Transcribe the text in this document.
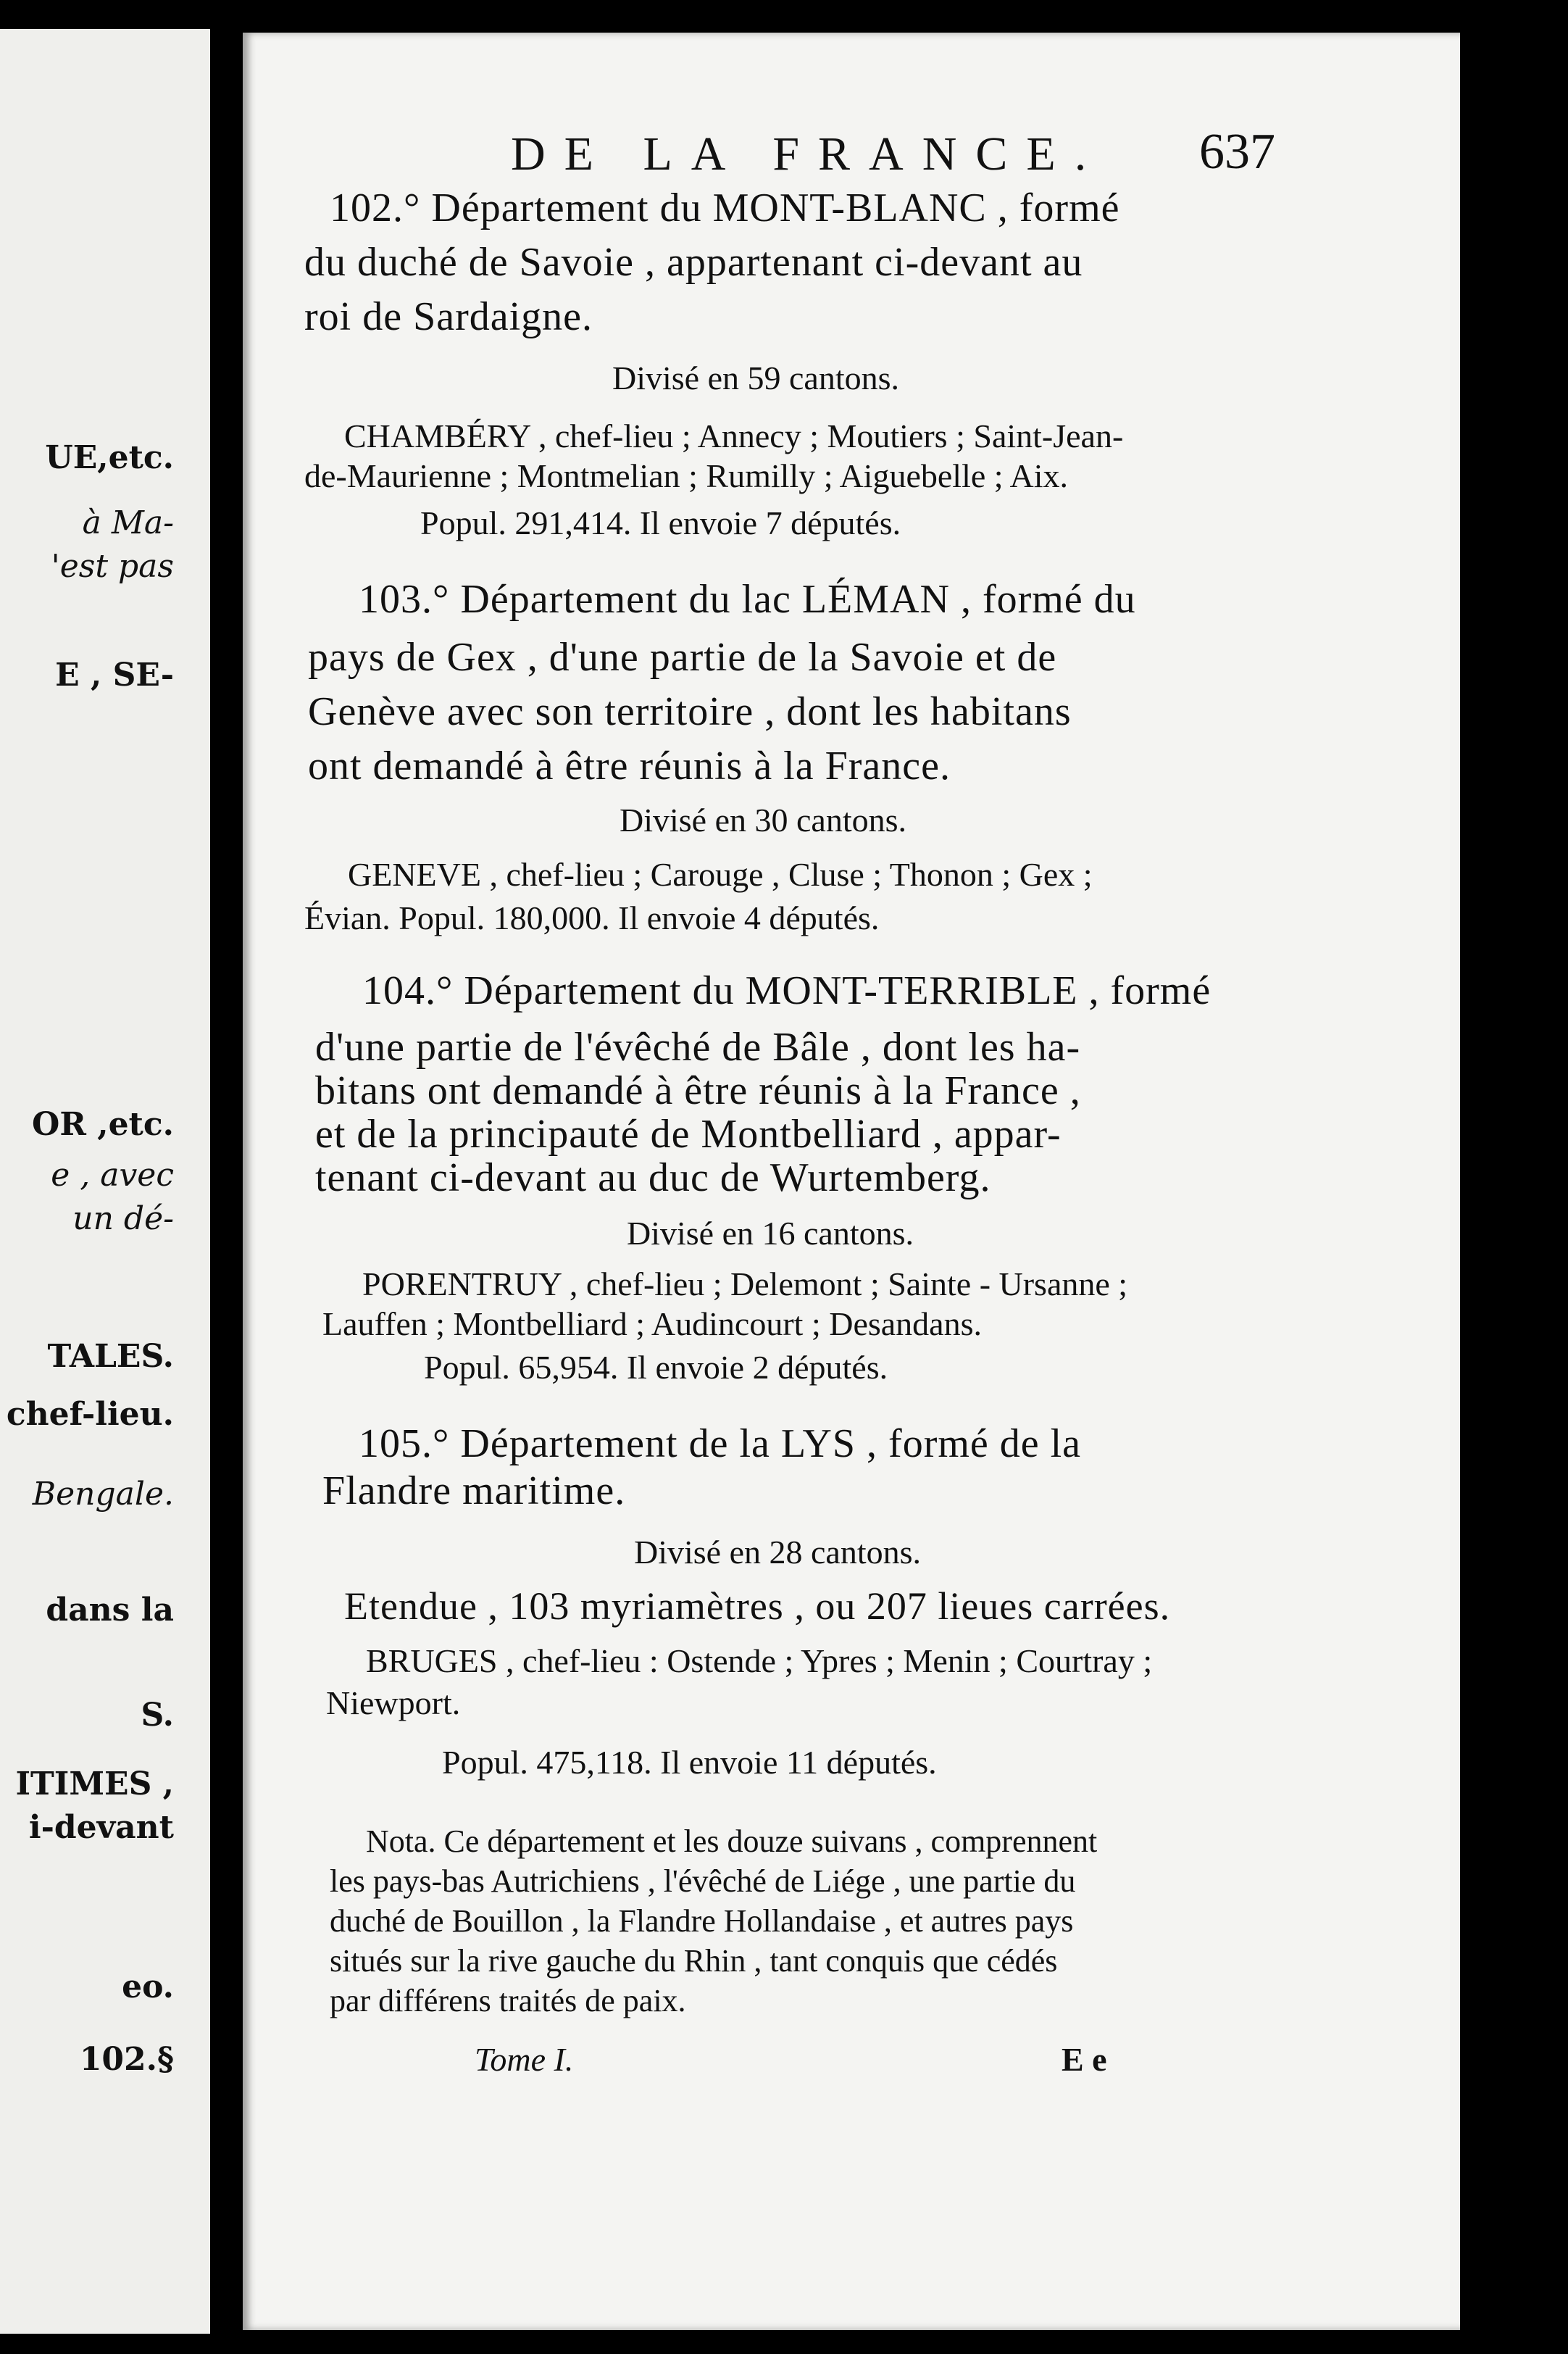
UE,etc.
à Ma-
'est pas
E , SE-
OR ,etc.
e , avec
un dé-
TALES.
chef-lieu.
Bengale.
dans la
S.
ITIMES ,
i-devant
eo.
102.§
DE LA FRANCE. 637
102.° Département du MONT-BLANC , formé
du duché de Savoie , appartenant ci-devant au
roi de Sardaigne.
Divisé en 59 cantons.
CHAMBÉRY , chef-lieu ; Annecy ; Moutiers ; Saint-Jean-
de-Maurienne ; Montmelian ; Rumilly ; Aiguebelle ; Aix.
Popul. 291,414. Il envoie 7 députés.
103.° Département du lac LÉMAN , formé du
pays de Gex , d'une partie de la Savoie et de
Genève avec son territoire , dont les habitans
ont demandé à être réunis à la France.
Divisé en 30 cantons.
GENEVE , chef-lieu ; Carouge , Cluse ; Thonon ; Gex ;
Évian. Popul. 180,000. Il envoie 4 députés.
104.° Département du MONT-TERRIBLE , formé
d'une partie de l'évêché de Bâle , dont les ha-
bitans ont demandé à être réunis à la France ,
et de la principauté de Montbelliard , appar-
tenant ci-devant au duc de Wurtemberg.
Divisé en 16 cantons.
PORENTRUY , chef-lieu ; Delemont ; Sainte - Ursanne ;
Lauffen ; Montbelliard ; Audincourt ; Desandans.
Popul. 65,954. Il envoie 2 députés.
105.° Département de la LYS , formé de la
Flandre maritime.
Divisé en 28 cantons.
Etendue , 103 myriamètres , ou 207 lieues carrées.
BRUGES , chef-lieu : Ostende ; Ypres ; Menin ; Courtray ;
Niewport.
Popul. 475,118. Il envoie 11 députés.
Nota. Ce département et les douze suivans , comprennent
les pays-bas Autrichiens , l'évêché de Liége , une partie du
duché de Bouillon , la Flandre Hollandaise , et autres pays
situés sur la rive gauche du Rhin , tant conquis que cédés
par différens traités de paix.
Tome I.	E e
